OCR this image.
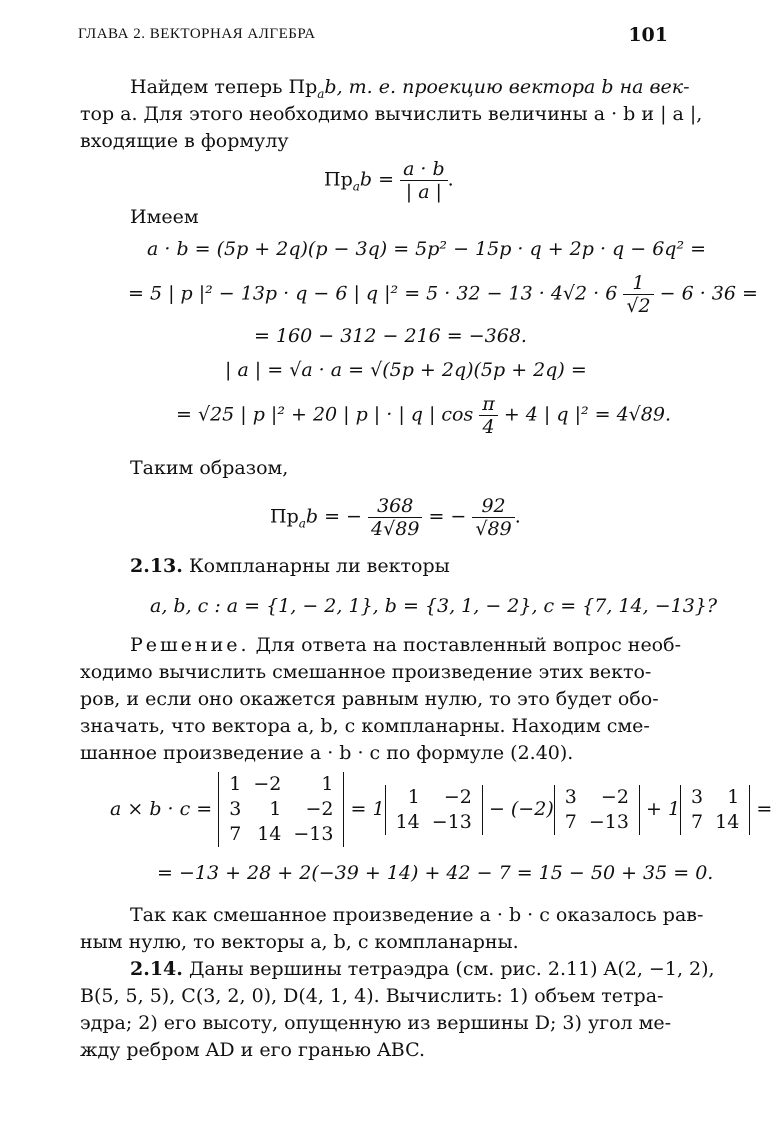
ГЛАВА 2. ВЕКТОРНАЯ АЛГЕБРА	101
Найдем теперь $Пр_ab$, т. е. проекцию вектора b на век-
тор a. Для этого необходимо вычислить величины a · b и | a |,
входящие в формулу
$Пр_ab = \frac{a \cdot b}{| a |}$ .
Имеем
a · b = (5p + 2q)(p − 3q) = 5p² − 15p · q + 2p · q − 6q² =
= 5 | p |² − 13p · q − 6 | q $|^2 = 5 \cdot 32 - 13 \cdot 4√2 \cdot 6 \frac{1}{√2} - 6 \cdot 36$ =
= 160 − 312 − 216 = −368.
| a | = √a · a = √(5p + 2q)(5p + 2q) =
= √25 | p |² + 20 | p | · | q | $\cos \frac{\pi}{4} + 4$ | q |² = 4√89.
Таким образом,
$Пр_ab$ = − $\frac{368}{4√89}$ = − $\frac{92}{√89}$ .
2.13. Компланарны ли векторы
a, b, c : a = {1, − 2, 1}, b = {3, 1, − 2}, c = {7, 14, −13}?
Решение. Для ответа на поставленный вопрос необ-
ходимо вычислить смешанное произведение этих векто-
ров, и если оно окажется равным нулю, то это будет обо-
значать, что вектора a, b, c компланарны. Находим сме-
шанное произведение a · b · c по формуле (2.40).
a × b · c =
1	−2	1
3	1	−2
7	14	−13
= 1
1	−2
14	−13
− (−2)
3	−2
7	−13
+ 1
3	1
7	14
=
= −13 + 28 + 2(−39 + 14) + 42 − 7 = 15 − 50 + 35 = 0.
Так как смешанное произведение a · b · c оказалось рав-
ным нулю, то векторы a, b, c компланарны.
2.14. Даны вершины тетраэдра (см. рис. 2.11) A(2, −1, 2),
B(5, 5, 5), C(3, 2, 0), D(4, 1, 4). Вычислить: 1) объем тетра-
эдра; 2) его высоту, опущенную из вершины D; 3) угол ме-
жду ребром AD и его гранью ABC.
